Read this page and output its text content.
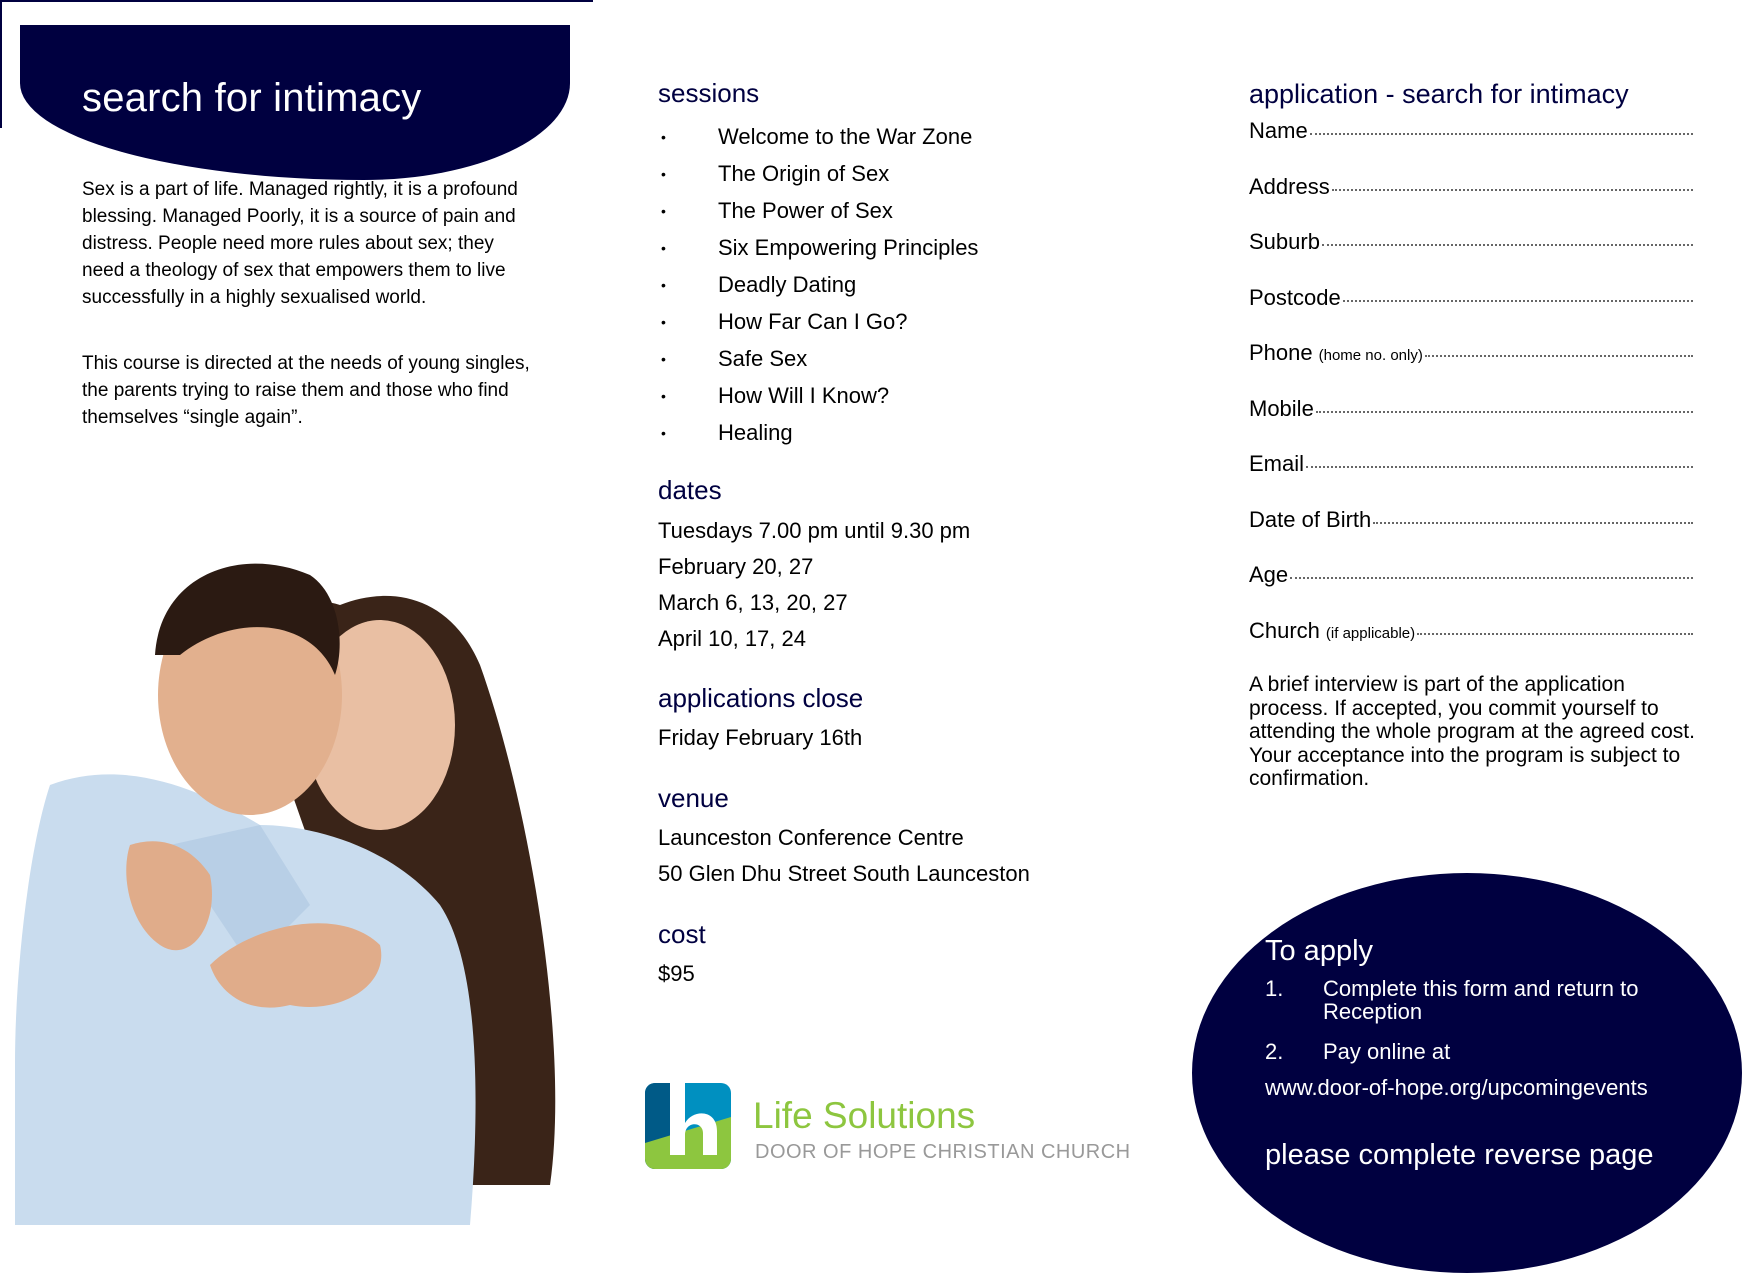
search for intimacy

Sex is a part of life. Managed rightly, it is a profound blessing. Managed Poorly, it is a source of pain and distress. People need more rules about sex; they need a theology of sex that empowers them to live successfully in a highly sexualised world.

This course is directed at the needs of young singles, the parents trying to raise them and those who find themselves “single again”.

sessions
•	Welcome to the War Zone
•	The Origin of Sex
•	The Power of Sex
•	Six Empowering Principles
•	Deadly Dating
•	How Far Can I Go?
•	Safe Sex
•	How Will I Know?
•	Healing
dates
Tuesdays 7.00 pm until 9.30 pm
February 20, 27
March 6, 13, 20, 27
April 10, 17, 24
applications close
Friday February 16th
venue
Launceston Conference Centre
50 Glen Dhu Street South Launceston
cost
$95
Life Solutions
DOOR OF HOPE CHRISTIAN CHURCH
application - search for intimacy
Name
Address
Suburb
Postcode
Phone (home no. only)
Mobile
Email
Date of Birth
Age
Church (if applicable)

A brief interview is part of the application process. If accepted, you commit yourself to attending the whole program at the agreed cost. Your acceptance into the program is subject to confirmation.

To apply
1.	Complete this form and return to Reception
2.	Pay online at
www.door-of-hope.org/upcomingevents
please complete reverse page
